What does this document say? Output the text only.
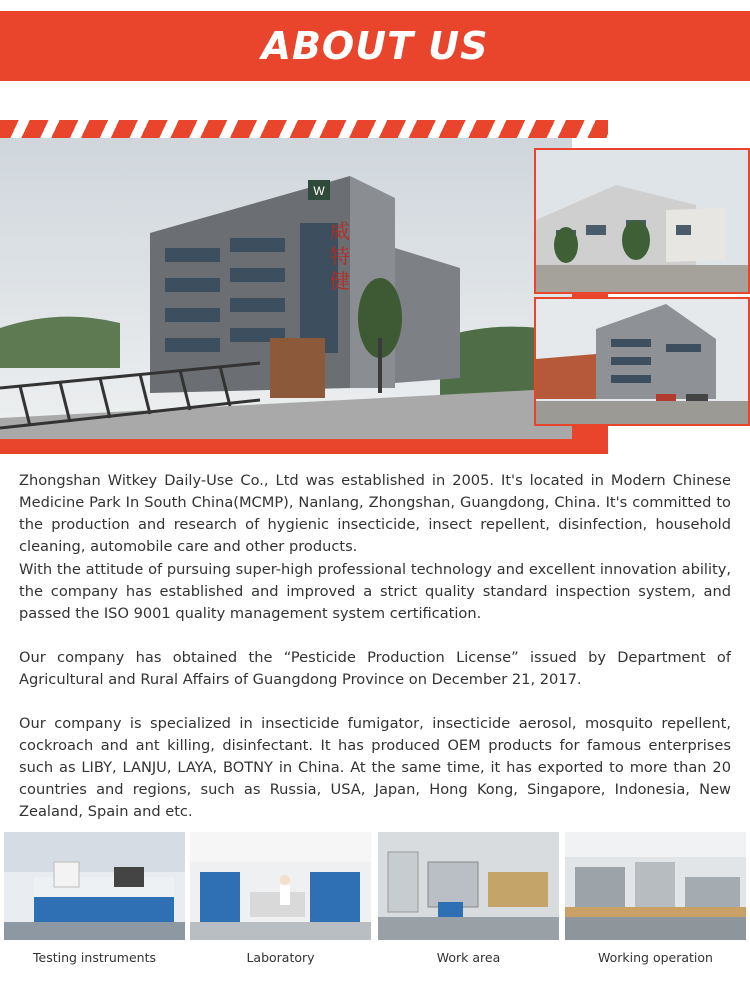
ABOUT US
W
威
特
健

Zhongshan Witkey Daily-Use Co., Ltd was established in 2005. It's located in Modern Chinese Medicine Park In South China(MCMP), Nanlang, Zhongshan, Guangdong, China. It's committed to the production and research of hygienic insecticide, insect repellent, disinfection, household cleaning, automobile care and other products.

With the attitude of pursuing super-high professional technology and excellent innovation ability, the company has established and improved a strict quality standard inspection system, and passed the ISO 9001 quality management system certification.

Our company has obtained the “Pesticide Production License” issued by Department of Agricultural and Rural Affairs of Guangdong Province on December 21, 2017.

Our company is specialized in insecticide fumigator, insecticide aerosol, mosquito repellent, cockroach and ant killing, disinfectant. It has produced OEM products for famous enterprises such as LIBY, LANJU, LAYA, BOTNY in China. At the same time, it has exported to more than 20 countries and regions, such as Russia, USA, Japan, Hong Kong, Singapore, Indonesia, New Zealand, Spain and etc.

Testing instruments	Laboratory	Work area	Working operation
